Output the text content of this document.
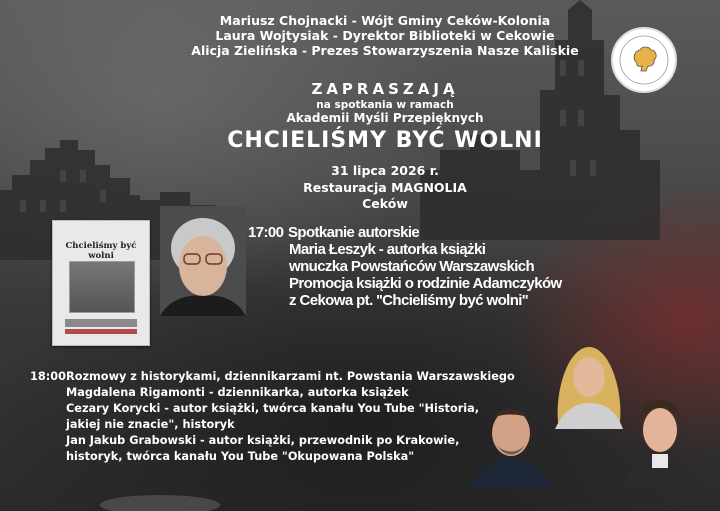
Mariusz Chojnacki - Wójt Gminy Ceków-Kolonia
Laura Wojtysiak - Dyrektor Biblioteki w Cekowie
Alicja Zielińska - Prezes Stowarzyszenia Nasze Kaliskie
ZAPRASZAJĄ
na spotkania w ramach
Akademii Myśli Przepięknych
CHCIELIŚMY BYĆ WOLNI
31 lipca 2026 r.
Restauracja MAGNOLIA
Ceków
Chcieliśmy być wolni
17:00 Spotkanie autorskie
Maria Łeszyk - autorka książki
wnuczka Powstańców Warszawskich
Promocja książki o rodzinie Adamczyków
z Cekowa pt. ''Chcieliśmy być wolni''
18:00 Rozmowy z historykami, dziennikarzami nt. Powstania Warszawskiego
Magdalena Rigamonti - dziennikarka, autorka książek
Cezary Korycki - autor książki, twórca kanału You Tube "Historia,
jakiej nie znacie", historyk
Jan Jakub Grabowski - autor książki, przewodnik po Krakowie,
historyk, twórca kanału You Tube "Okupowana Polska"
